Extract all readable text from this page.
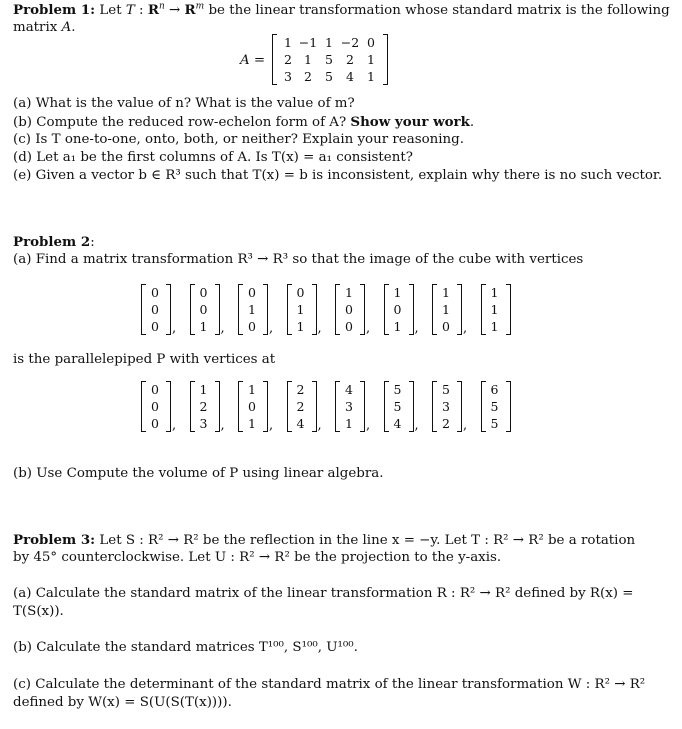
Problem 1: Let T : $R^n \to R^m$ be the linear transformation whose standard matrix is the following
matrix A.
A =
1 −1 1 −2 0
2 1	5	2	1
3 2	5	4	1
(a) What is the value of n? What is the value of m?
(b) Compute the reduced row-echelon form of A? Show your work.
(c) Is T one-to-one, onto, both, or neither? Explain your reasoning.
(d) Let a₁ be the first columns of A. Is T(x) = a₁ consistent?
(e) Given a vector b ∈ R³ such that T(x) = b is inconsistent, explain why there is no such vector.
Problem 2:
(a) Find a matrix transformation R³ → R³ so that the image of the cube with vertices
0
0
0 ,
0
0
1 ,
0
1
0 ,
0
1
1 ,
1
0
0 ,
1
0
1 ,
1
1
0 ,
1
1
1
is the parallelepiped P with vertices at
0
0
0 ,
1
2
3 ,
1
0
1 ,
2
2
4 ,
4
3
1 ,
5
5
4 ,
5
3
2 ,
6
5
5
(b) Use Compute the volume of P using linear algebra.
Problem 3: Let S : R² → R² be the reflection in the line x = −y. Let T : R² → R² be a rotation
by 45° counterclockwise. Let U : R² → R² be the projection to the y-axis.
(a) Calculate the standard matrix of the linear transformation R : R² → R² defined by R(x) =
T(S(x)).
(b) Calculate the standard matrices T¹⁰⁰, S¹⁰⁰, U¹⁰⁰.
(c) Calculate the determinant of the standard matrix of the linear transformation W : R² → R²
defined by W(x) = S(U(S(T(x)))).
